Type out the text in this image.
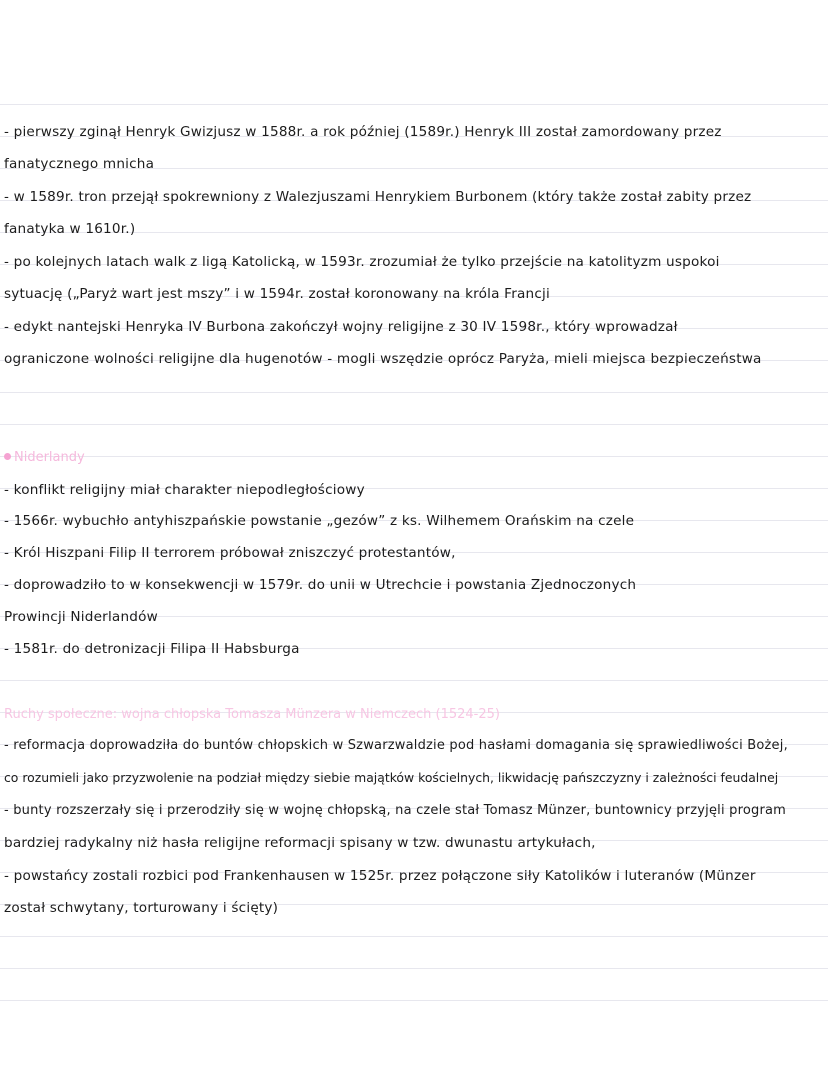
- pierwszy zginął Henryk Gwizjusz w 1588r. a rok później (1589r.) Henryk III został zamordowany przez
fanatycznego mnicha
- w 1589r. tron przejął spokrewniony z Walezjuszami Henrykiem Burbonem (który także został zabity przez
fanatyka w 1610r.)
- po kolejnych latach walk z ligą Katolicką, w 1593r. zrozumiał że tylko przejście na katolityzm uspokoi
sytuację („Paryż wart jest mszy” i w 1594r. został koronowany na króla Francji
- edykt nantejski Henryka IV Burbona zakończył wojny religijne z 30 IV 1598r., który wprowadzał
ograniczone wolności religijne dla hugenotów - mogli wszędzie oprócz Paryża, mieli miejsca bezpieczeństwa
Niderlandy
- konflikt religijny miał charakter niepodległościowy
- 1566r. wybuchło antyhiszpańskie powstanie „gezów” z ks. Wilhemem Orańskim na czele
- Król Hiszpani Filip II terrorem próbował zniszczyć protestantów,
- doprowadziło to w konsekwencji w 1579r. do unii w Utrechcie i powstania Zjednoczonych
Prowincji Niderlandów
- 1581r. do detronizacji Filipa II Habsburga
Ruchy społeczne: wojna chłopska Tomasza Münzera w Niemczech (1524-25)
- reformacja doprowadziła do buntów chłopskich w Szwarzwaldzie pod hasłami domagania się sprawiedliwości Bożej,
co rozumieli jako przyzwolenie na podział między siebie majątków kościelnych, likwidację pańszczyzny i zależności feudalnej
- bunty rozszerzały się i przerodziły się w wojnę chłopską, na czele stał Tomasz Münzer, buntownicy przyjęli program
bardziej radykalny niż hasła religijne reformacji spisany w tzw. dwunastu artykułach,
- powstańcy zostali rozbici pod Frankenhausen w 1525r. przez połączone siły Katolików i luteranów (Münzer
został schwytany, torturowany i ścięty)
